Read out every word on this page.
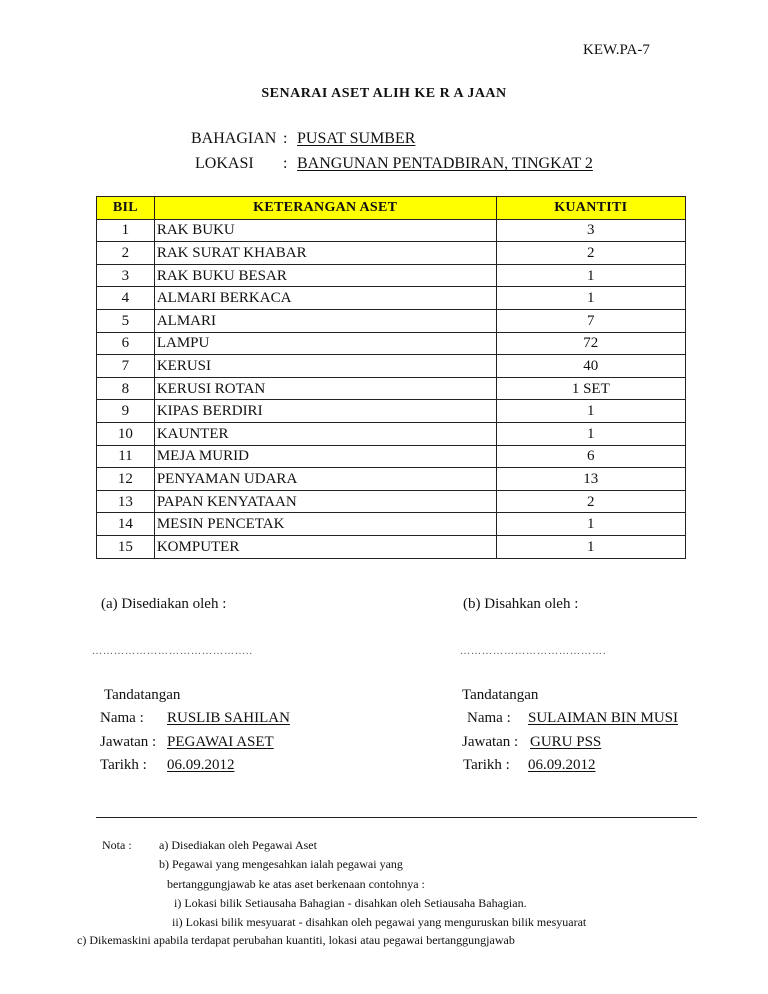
KEW.PA-7
SENARAI ASET ALIH KE R A JAAN
BAHAGIAN : PUSAT SUMBER
LOKASI : BANGUNAN PENTADBIRAN, TINGKAT 2
BIL	KETERANGAN ASET	KUANTITI
1	RAK BUKU	3
2	RAK SURAT KHABAR	2
3	RAK BUKU BESAR	1
4	ALMARI BERKACA	1
5	ALMARI	7
6	LAMPU	72
7	KERUSI	40
8	KERUSI ROTAN	1 SET
9	KIPAS BERDIRI	1
10	KAUNTER	1
11	MEJA MURID	6
12	PENYAMAN UDARA	13
13	PAPAN KENYATAAN	2
14	MESIN PENCETAK	1
15	KOMPUTER	1
(a) Disediakan oleh :
……………………………………..
Tandatangan
Nama : RUSLIB SAHILAN
Jawatan : PEGAWAI ASET
Tarikh : 06.09.2012
(b) Disahkan oleh :
………………………………….
Tandatangan
Nama : SULAIMAN BIN MUSI
Jawatan : GURU PSS
Tarikh : 06.09.2012
Nota : a) Disediakan oleh Pegawai Aset
b) Pegawai yang mengesahkan ialah pegawai yang
bertanggungjawab ke atas aset berkenaan contohnya :
i) Lokasi bilik Setiausaha Bahagian - disahkan oleh Setiausaha Bahagian.
ii) Lokasi bilik mesyuarat - disahkan oleh pegawai yang menguruskan bilik mesyuarat
c) Dikemaskini apabila terdapat perubahan kuantiti, lokasi atau pegawai bertanggungjawab
